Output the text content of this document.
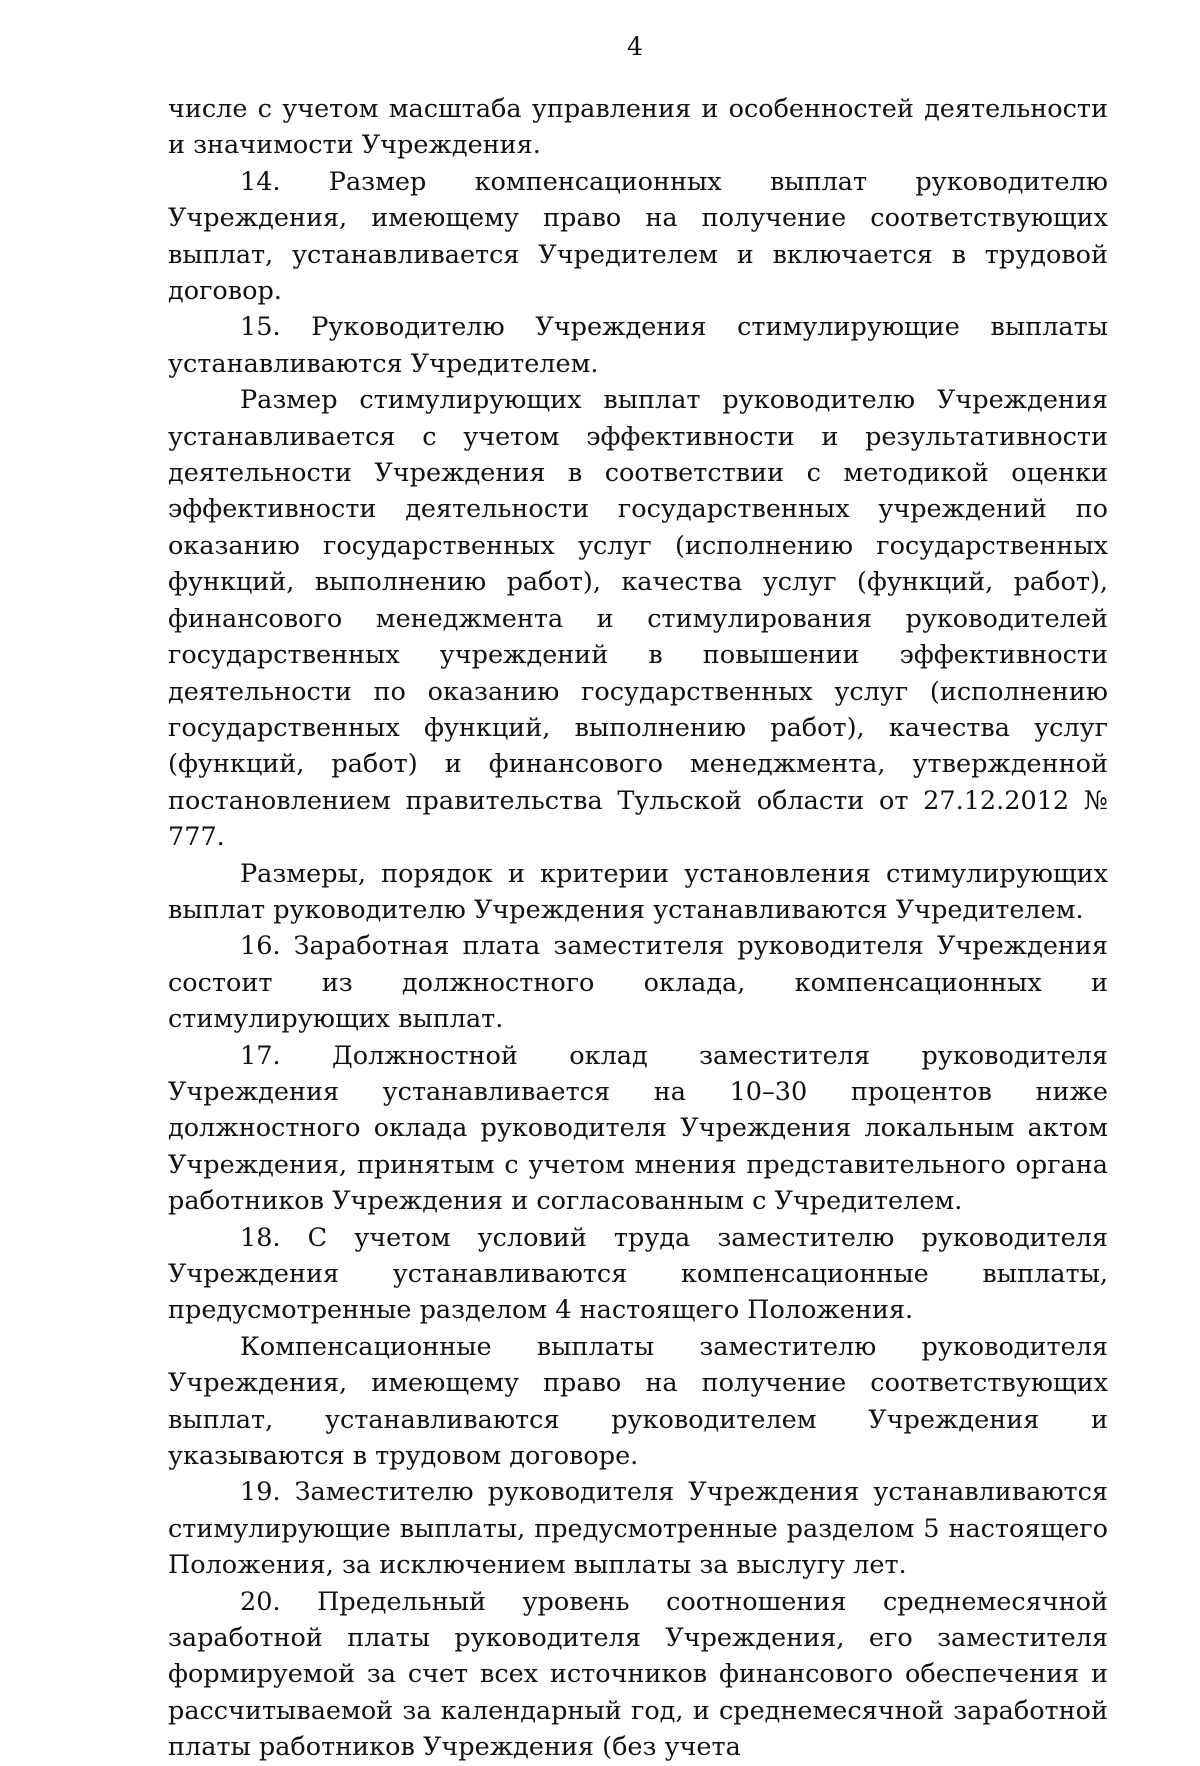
4

числе с учетом масштаба управления и особенностей деятельности и значимости Учреждения.

14. Размер компенсационных выплат руководителю Учреждения, имеющему право на получение соответствующих выплат, устанавливается Учредителем и включается в трудовой договор.

15. Руководителю Учреждения стимулирующие выплаты устанавливаются Учредителем.

Размер стимулирующих выплат руководителю Учреждения устанавливается с учетом эффективности и результативности деятельности Учреждения в соответствии с методикой оценки эффективности деятельности государственных учреждений по оказанию государственных услуг (исполнению государственных функций, выполнению работ), качества услуг (функций, работ), финансового менеджмента и стимулирования руководителей государственных учреждений в повышении эффективности деятельности по оказанию государственных услуг (исполнению государственных функций, выполнению работ), качества услуг (функций, работ) и финансового менеджмента, утвержденной постановлением правительства Тульской области от 27.12.2012 № 777.

Размеры, порядок и критерии установления стимулирующих выплат руководителю Учреждения устанавливаются Учредителем.

16. Заработная плата заместителя руководителя Учреждения состоит из должностного оклада, компенсационных и стимулирующих выплат.

17. Должностной оклад заместителя руководителя Учреждения устанавливается на 10–30 процентов ниже должностного оклада руководителя Учреждения локальным актом Учреждения, принятым с учетом мнения представительного органа работников Учреждения и согласованным с Учредителем.

18. С учетом условий труда заместителю руководителя Учреждения устанавливаются компенсационные выплаты, предусмотренные разделом 4 настоящего Положения.

Компенсационные выплаты заместителю руководителя Учреждения, имеющему право на получение соответствующих выплат, устанавливаются руководителем Учреждения и указываются в трудовом договоре.

19. Заместителю руководителя Учреждения устанавливаются стимулирующие выплаты, предусмотренные разделом 5 настоящего Положения, за исключением выплаты за выслугу лет.

20. Предельный уровень соотношения среднемесячной заработной платы руководителя Учреждения, его заместителя формируемой за счет всех источников финансового обеспечения и рассчитываемой за календарный год, и среднемесячной заработной платы работников Учреждения (без учета
